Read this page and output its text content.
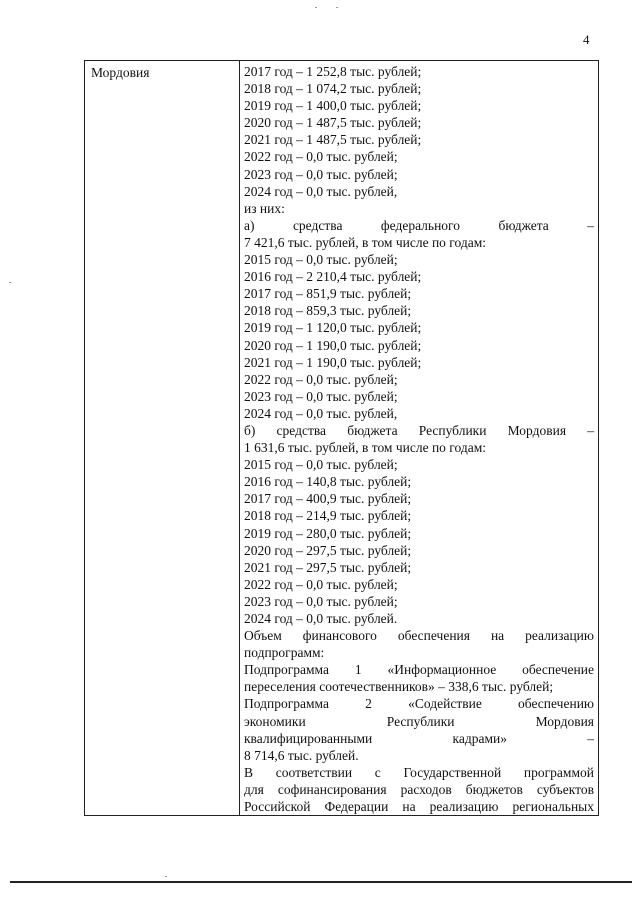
4
Мордовия	2017 год – 1 252,8 тыс. рублей;
2018 год – 1 074,2 тыс. рублей;
2019 год – 1 400,0 тыс. рублей;
2020 год – 1 487,5 тыс. рублей;
2021 год – 1 487,5 тыс. рублей;
2022 год – 0,0 тыс. рублей;
2023 год – 0,0 тыс. рублей;
2024 год – 0,0 тыс. рублей,
из них:
а) средства федерального бюджета –
7 421,6 тыс. рублей, в том числе по годам:
2015 год – 0,0 тыс. рублей;
2016 год – 2 210,4 тыс. рублей;
2017 год – 851,9 тыс. рублей;
2018 год – 859,3 тыс. рублей;
2019 год – 1 120,0 тыс. рублей;
2020 год – 1 190,0 тыс. рублей;
2021 год – 1 190,0 тыс. рублей;
2022 год – 0,0 тыс. рублей;
2023 год – 0,0 тыс. рублей;
2024 год – 0,0 тыс. рублей,
б) средства бюджета Республики Мордовия –
1 631,6 тыс. рублей, в том числе по годам:
2015 год – 0,0 тыс. рублей;
2016 год – 140,8 тыс. рублей;
2017 год – 400,9 тыс. рублей;
2018 год – 214,9 тыс. рублей;
2019 год – 280,0 тыс. рублей;
2020 год – 297,5 тыс. рублей;
2021 год – 297,5 тыс. рублей;
2022 год – 0,0 тыс. рублей;
2023 год – 0,0 тыс. рублей;
2024 год – 0,0 тыс. рублей.
Объем финансового обеспечения на реализацию
подпрограмм:
Подпрограмма 1 «Информационное обеспечение
переселения соотечественников» – 338,6 тыс. рублей;
Подпрограмма 2 «Содействие обеспечению
экономики Республики Мордовия
квалифицированными кадрами» –
8 714,6 тыс. рублей.
В соответствии с Государственной программой
для софинансирования расходов бюджетов субъектов
Российской Федерации на реализацию региональных
